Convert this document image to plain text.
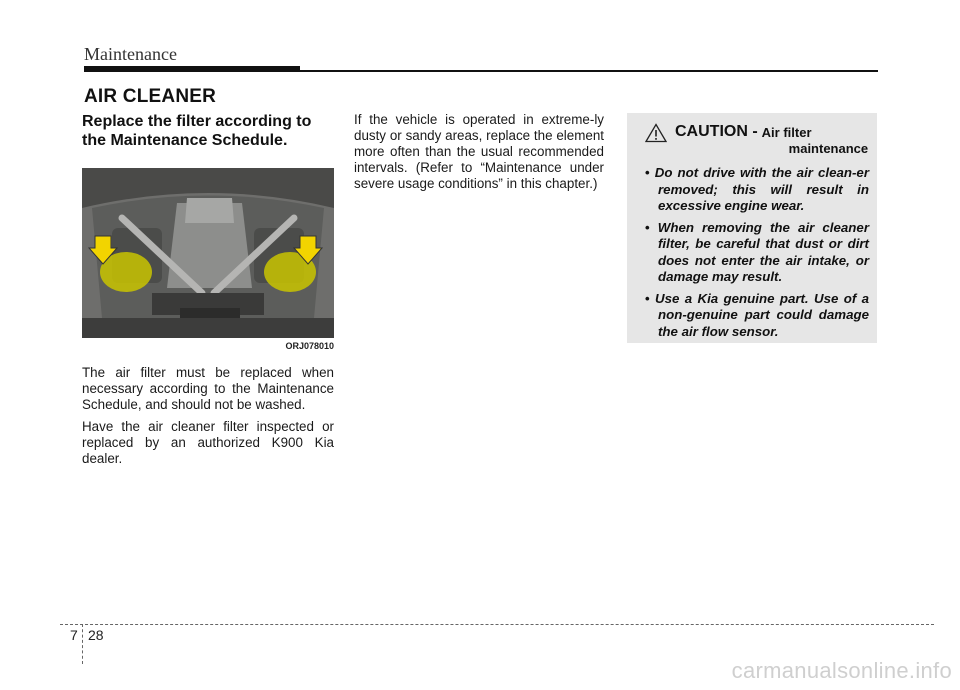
Maintenance
AIR CLEANER

Replace the filter according to the Maintenance Schedule.

ORJ078010

The air filter must be replaced when necessary according to the Maintenance Schedule, and should not be washed.

Have the air cleaner filter inspected or replaced by an authorized K900 Kia dealer.

If the vehicle is operated in extreme-ly dusty or sandy areas, replace the element more often than the usual recommended intervals. (Refer to “Maintenance under severe usage conditions” in this chapter.)

CAUTION - Air filter
maintenance
• Do not drive with the air clean-er removed; this will result in excessive engine wear.
• When removing the air cleaner filter, be careful that dust or dirt does not enter the air intake, or damage may result.
• Use a Kia genuine part. Use of a non-genuine part could damage the air flow sensor.
7 28
carmanualsonline.info
